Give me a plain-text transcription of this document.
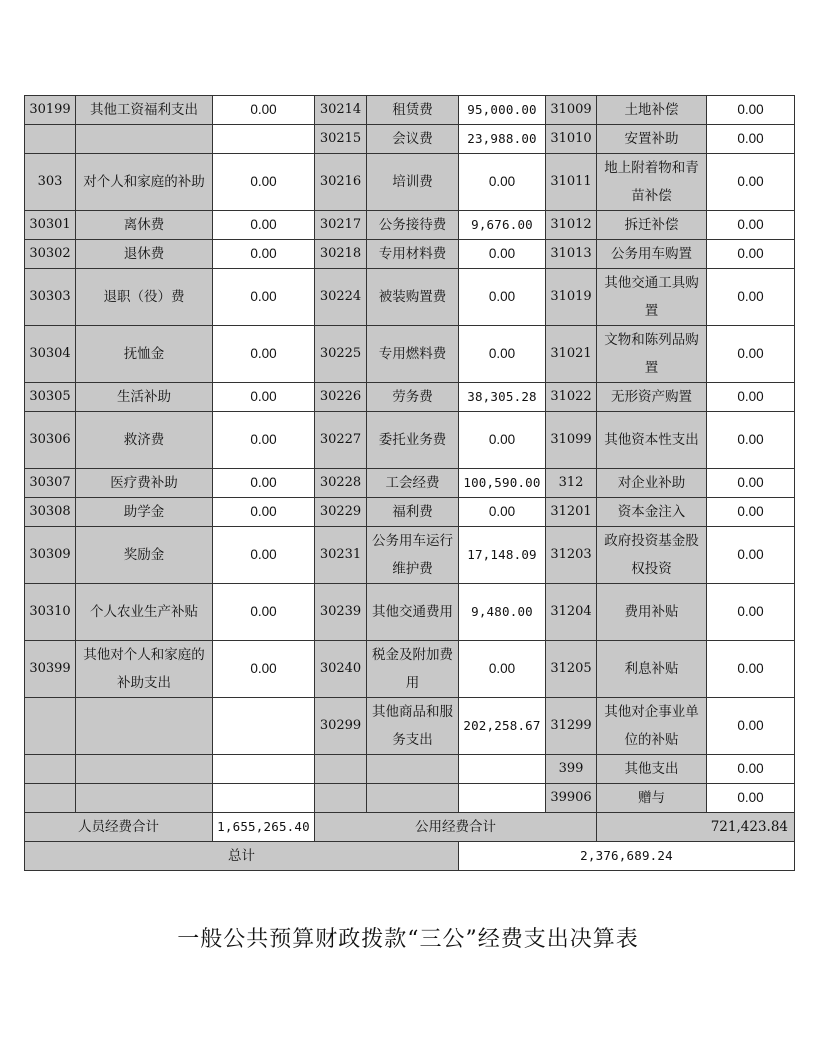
30199	其他工资福利支出	0.00	30214	租赁费	95,000.00	31009	土地补偿	0.00
			30215	会议费	23,988.00	31010	安置补助	0.00
303	对个人和家庭的补助	0.00	30216	培训费	0.00	31011	地上附着物和青苗补偿	0.00
30301	离休费	0.00	30217	公务接待费	9,676.00	31012	拆迁补偿	0.00
30302	退休费	0.00	30218	专用材料费	0.00	31013	公务用车购置	0.00
30303	退职（役）费	0.00	30224	被装购置费	0.00	31019	其他交通工具购置	0.00
30304	抚恤金	0.00	30225	专用燃料费	0.00	31021	文物和陈列品购置	0.00
30305	生活补助	0.00	30226	劳务费	38,305.28	31022	无形资产购置	0.00
30306	救济费	0.00	30227	委托业务费	0.00	31099	其他资本性支出	0.00
30307	医疗费补助	0.00	30228	工会经费	100,590.00	312	对企业补助	0.00
30308	助学金	0.00	30229	福利费	0.00	31201	资本金注入	0.00
30309	奖励金	0.00	30231	公务用车运行维护费	17,148.09	31203	政府投资基金股权投资	0.00
30310	个人农业生产补贴	0.00	30239	其他交通费用	9,480.00	31204	费用补贴	0.00
30399	其他对个人和家庭的补助支出	0.00	30240	税金及附加费用	0.00	31205	利息补贴	0.00
			30299	其他商品和服务支出	202,258.67	31299	其他对企事业单位的补贴	0.00
						399	其他支出	0.00
						39906	赠与	0.00
人员经费合计		1,655,265.40	公用经费合计				721,423.84	
总计					2,376,689.24			
一般公共预算财政拨款“三公”经费支出决算表
